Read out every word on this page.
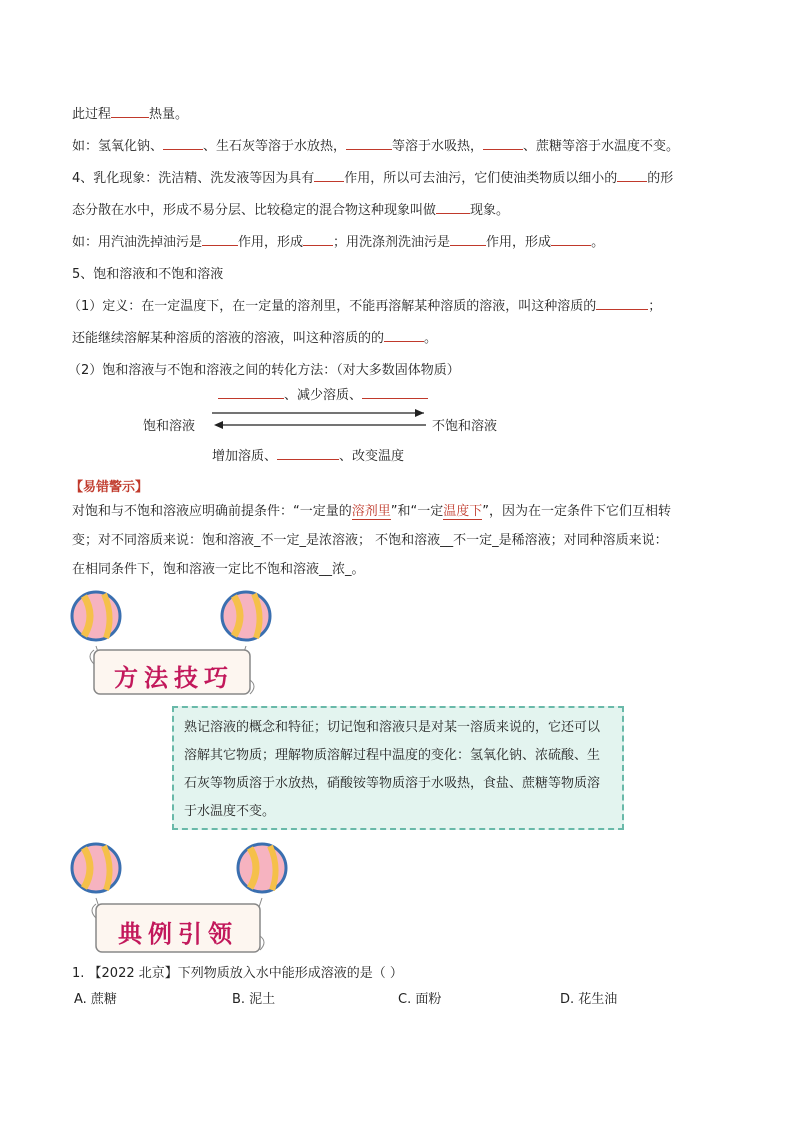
此过程	热量。
如：氢氧化钠、	、生石灰等溶于水放热，	等溶于水吸热，	、蔗糖等溶于水温度不变。
4、乳化现象：洗洁精、洗发液等因为具有 作用，所以可去油污，它们使油类物质以细小的 的形
态分散在水中，形成不易分层、比较稳定的混合物这种现象叫做	现象。
如：用汽油洗掉油污是	作用，形成 ；用洗涤剂洗油污是	作用，形成	。
5、饱和溶液和不饱和溶液
（1）定义：在一定温度下，在一定量的溶剂里，不能再溶解某种溶质的溶液，叫这种溶质的	；
还能继续溶解某种溶质的溶液的溶液，叫这种溶质的的	。
（2）饱和溶液与不饱和溶液之间的转化方法：（对大多数固体物质）
、减少溶质、
饱和溶液	不饱和溶液
增加溶质、	、改变温度
【易错警示】
对饱和与不饱和溶液应明确前提条件：“一定量的溶剂里”和“一定温度下”，因为在一定条件下它们互相转
变；对不同溶质来说：饱和溶液_不一定_是浓溶液； 不饱和溶液__不一定_是稀溶液；对同种溶质来说：
在相同条件下，饱和溶液一定比不饱和溶液__浓_。
方法技巧
熟记溶液的概念和特征；切记饱和溶液只是对某一溶质来说的，它还可以溶解其它物质；理解物质溶解过程中温度的变化：氢氧化钠、浓硫酸、生石灰等物质溶于水放热，硝酸铵等物质溶于水吸热，食盐、蔗糖等物质溶于水温度不变。
典例引领
1. 【2022 北京】下列物质放入水中能形成溶液的是（ ）
A. 蔗糖	B. 泥土	C. 面粉	D. 花生油
